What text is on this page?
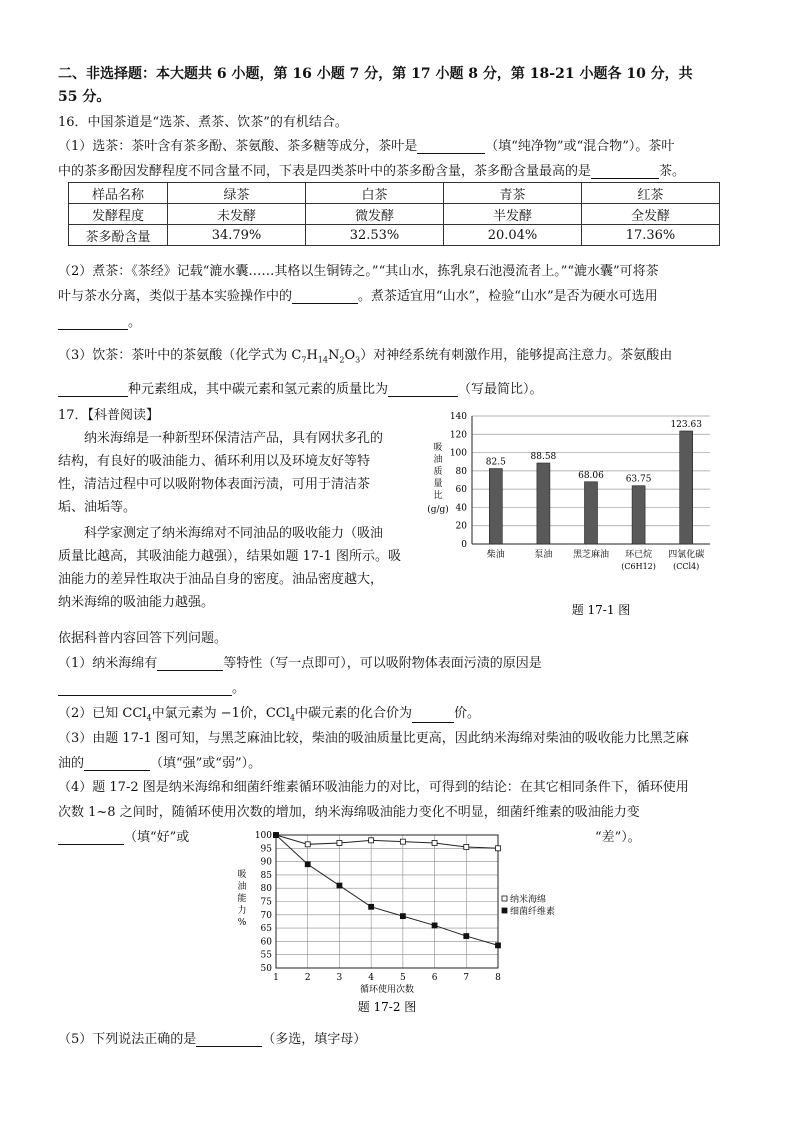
二、非选择题：本大题共 6 小题，第 16 小题 7 分，第 17 小题 8 分，第 18-21 小题各 10 分，共
55 分。
16．中国茶道是“选茶、煮茶、饮茶”的有机结合。
（1）选茶：茶叶含有茶多酚、茶氨酸、茶多糖等成分，茶叶是	（填“纯净物”或“混合物”）。茶叶
中的茶多酚因发酵程度不同含量不同，下表是四类茶叶中的茶多酚含量，茶多酚含量最高的是	茶。
样品名称	绿茶	白茶	青茶	红茶
发酵程度	未发酵	微发酵	半发酵	全发酵
茶多酚含量	34.79%	32.53%	20.04%	17.36%
（2）煮茶：《茶经》记载“漉水囊……其格以生铜铸之。”“其山水，拣乳泉石池漫流者上。”“漉水囊”可将茶
叶与茶水分离，类似于基本实验操作中的	。煮茶适宜用“山水”，检验“山水”是否为硬水可选用
。
（3）饮茶：茶叶中的茶氨酸（化学式为 $C_7H_{14}N_2O_3$）对神经系统有刺激作用，能够提高注意力。茶氨酸由
种元素组成，其中碳元素和氢元素的质量比为	（写最简比）。
17．【科普阅读】
纳米海绵是一种新型环保清洁产品，具有网状多孔的
结构，有良好的吸油能力、循环利用以及环境友好等特
性，清洁过程中可以吸附物体表面污渍，可用于清洁茶
垢、油垢等。
科学家测定了纳米海绵对不同油品的吸收能力（吸油
质量比越高，其吸油能力越强），结果如题 17-1 图所示。吸
油能力的差异性取决于油品自身的密度。油品密度越大，
纳米海绵的吸油能力越强。
0
20
40
60
80
100
120
140
吸
油
质
量
比
(g/g)
82.5
柴油
88.58
泵油
68.06
黑芝麻油
63.75
环已烷
(C6H12)
123.63
四氯化碳
(CCl4)
题 17-1 图
依据科普内容回答下列问题。
（1）纳米海绵有	等特性（写一点即可），可以吸附物体表面污渍的原因是
。
（2）已知 CCl$_4$中氯元素为 −1价，CCl$_4$中碳元素的化合价为	价。
（3）由题 17-1 图可知，与黑芝麻油比较，柴油的吸油质量比更高，因此纳米海绵对柴油的吸收能力比黑芝麻
油的	（填“强”或“弱”）。
（4）题 17-2 图是纳米海绵和细菌纤维素循环吸油能力的对比，可得到的结论：在其它相同条件下，循环使用
次数 1~8 之间时，随循环使用次数的增加，纳米海绵吸油能力变化不明显，细菌纤维素的吸油能力变
（填“好”或	“差”）。
50
55
60
65
70
75
80
85
90
95
100
1	2	3	4	5	6	7	8
吸
油
能
力
%
循环使用次数
纳米海绵
细菌纤维素
题 17-2 图
（5）下列说法正确的是	（多选，填字母）
